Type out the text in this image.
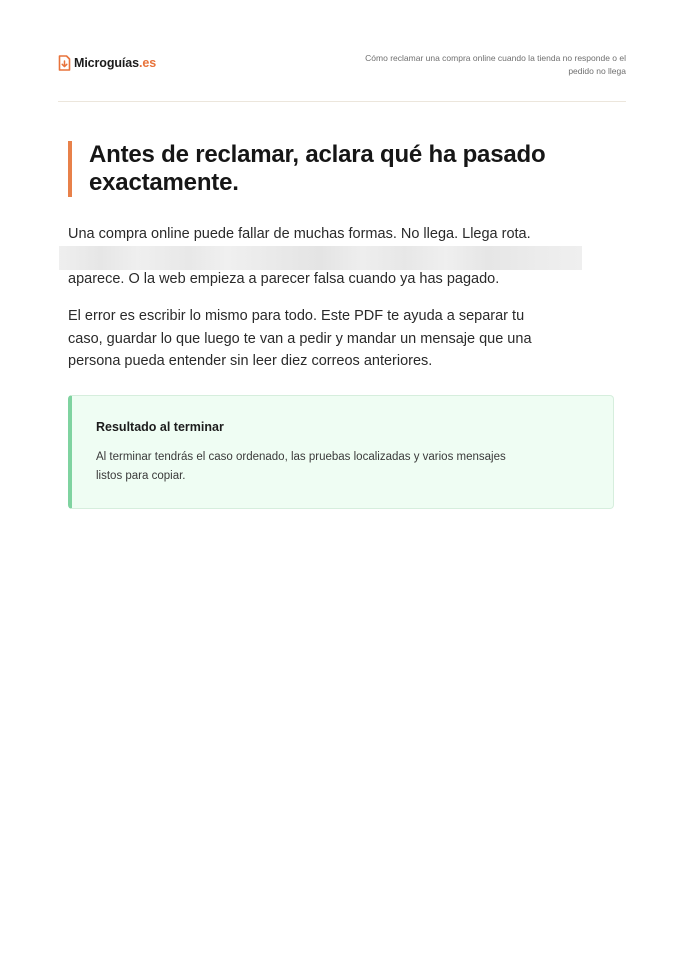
Microguías.es	Cómo reclamar una compra online cuando la tienda no responde o el
pedido no llega
Antes de reclamar, aclara qué ha pasado
exactamente.
Una compra online puede fallar de muchas formas. No llega. Llega rota.
aparece. O la web empieza a parecer falsa cuando ya has pagado.
El error es escribir lo mismo para todo. Este PDF te ayuda a separar tu
caso, guardar lo que luego te van a pedir y mandar un mensaje que una
persona pueda entender sin leer diez correos anteriores.
Resultado al terminar
Al terminar tendrás el caso ordenado, las pruebas localizadas y varios mensajes
listos para copiar.
